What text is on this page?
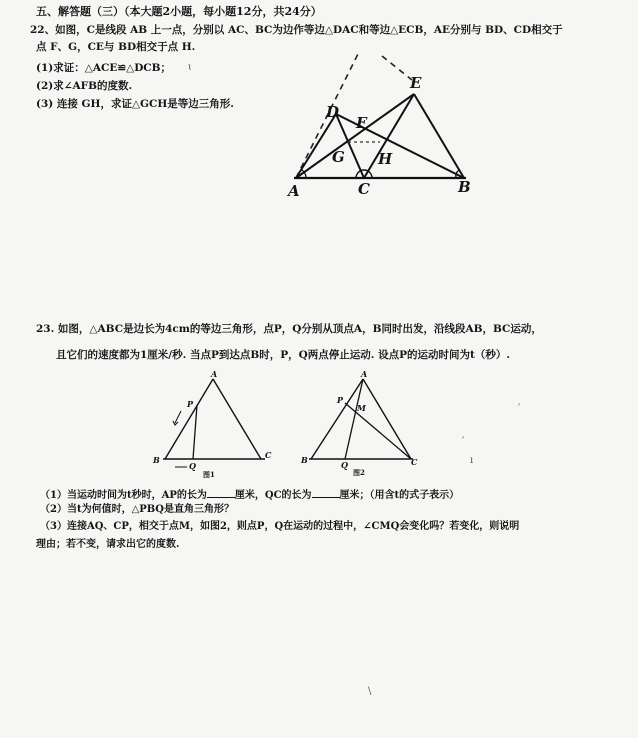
五、解答题（三）（本大题2小题，每小题12分，共24分）
22、如图，C是线段 AB 上一点，分别以 AC、BC为边作等边△DAC和等边△ECB，AE分别与 BD、CD相交于
点 F、G，CE与 BD相交于点 H.
(1)求证：△ACE≌△DCB；
(2)求∠AFB的度数.
(3) 连接 GH，求证△GCH是等边三角形.
ɩ
A	C	B
D
E
F
G H
23. 如图，△ABC是边长为4cm的等边三角形，点P，Q分别从顶点A，B同时出发，沿线段AB，BC运动，
且它们的速度都为1厘米/秒. 当点P到达点B时，P，Q两点停止运动. 设点P的运动时间为t（秒）.
A
B	C
P
Q
图1
A
B	C
P
M
Q
图2
ˊ
ˊ
ı
（1）当运动时间为t秒时，AP的长为	厘米，QC的长为	厘米；（用含t的式子表示）
（2）当t为何值时，△PBQ是直角三角形？
（3）连接AQ、CP，相交于点M，如图2，则点P，Q在运动的过程中，∠CMQ会变化吗？若变化，则说明
理由；若不变，请求出它的度数.
\
